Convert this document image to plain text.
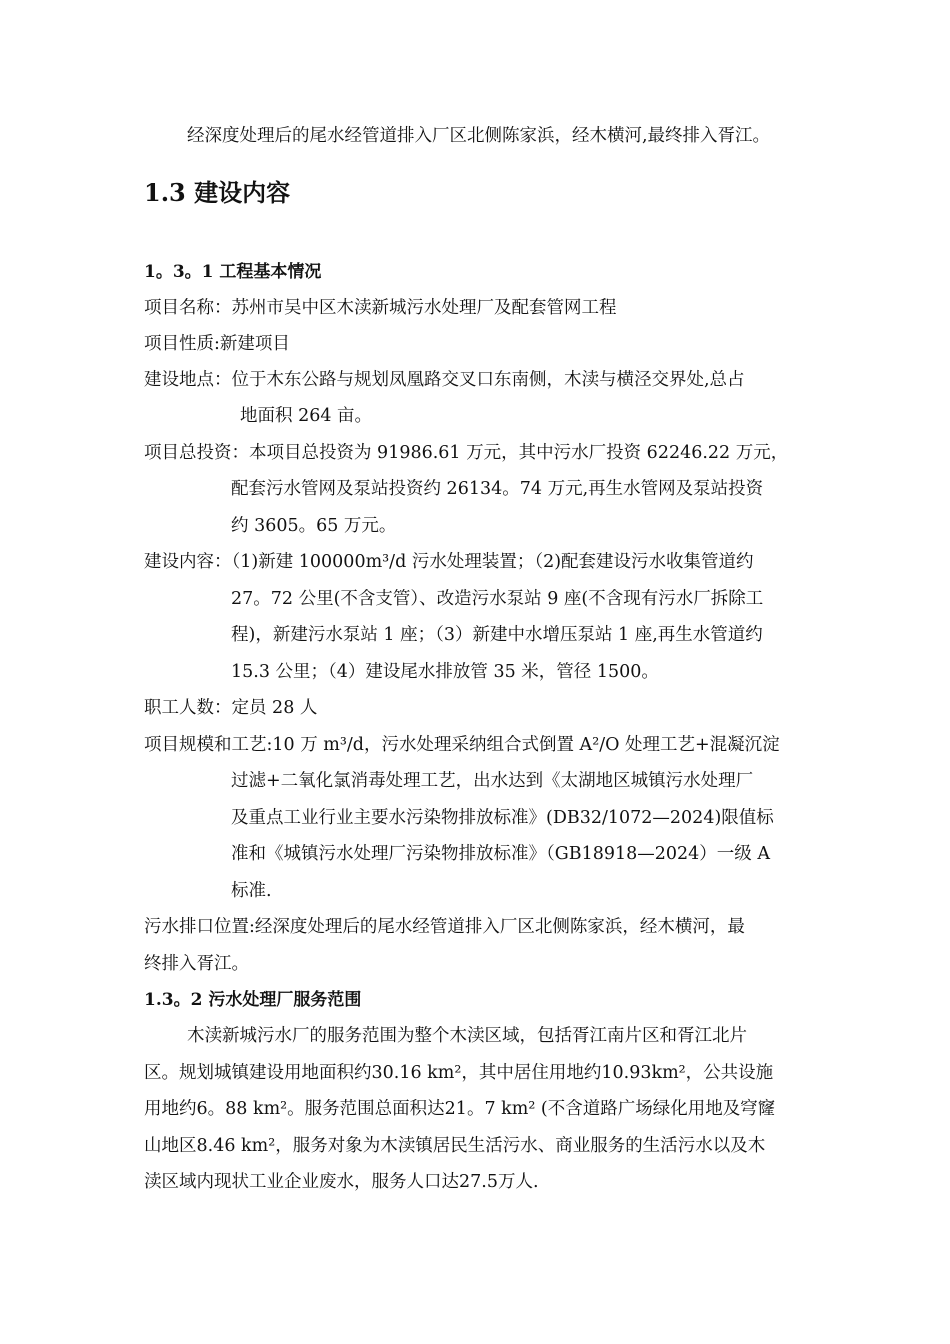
经深度处理后的尾水经管道排入厂区北侧陈家浜，经木横河,最终排入胥江。
1.3 建设内容
1。3。1 工程基本情况
项目名称：苏州市吴中区木渎新城污水处理厂及配套管网工程
项目性质:新建项目
建设地点：位于木东公路与规划凤凰路交叉口东南侧，木渎与横泾交界处,总占
地面积 264 亩。
项目总投资：本项目总投资为 91986.61 万元，其中污水厂投资 62246.22 万元，
配套污水管网及泵站投资约 26134。74 万元,再生水管网及泵站投资
约 3605。65 万元。
建设内容：（1)新建 100000m³/d 污水处理装置；（2)配套建设污水收集管道约
27。72 公里(不含支管）、改造污水泵站 9 座(不含现有污水厂拆除工
程)，新建污水泵站 1 座；（3）新建中水增压泵站 1 座,再生水管道约
15.3 公里；（4）建设尾水排放管 35 米，管径 1500。
职工人数：定员 28 人
项目规模和工艺:10 万 m³/d，污水处理采纳组合式倒置 A²/O 处理工艺+混凝沉淀
过滤+二氧化氯消毒处理工艺，出水达到《太湖地区城镇污水处理厂
及重点工业行业主要水污染物排放标准》(DB32/1072—2024)限值标
准和《城镇污水处理厂污染物排放标准》（GB18918—2024）一级 A
标准.
污水排口位置:经深度处理后的尾水经管道排入厂区北侧陈家浜，经木横河，最
终排入胥江。
1.3。2 污水处理厂服务范围
木渎新城污水厂的服务范围为整个木渎区域，包括胥江南片区和胥江北片
区。规划城镇建设用地面积约30.16 km²，其中居住用地约10.93km²，公共设施
用地约6。88 km²。服务范围总面积达21。7 km² (不含道路广场绿化用地及穹窿
山地区8.46 km²，服务对象为木渎镇居民生活污水、商业服务的生活污水以及木
渎区域内现状工业企业废水，服务人口达27.5万人.
